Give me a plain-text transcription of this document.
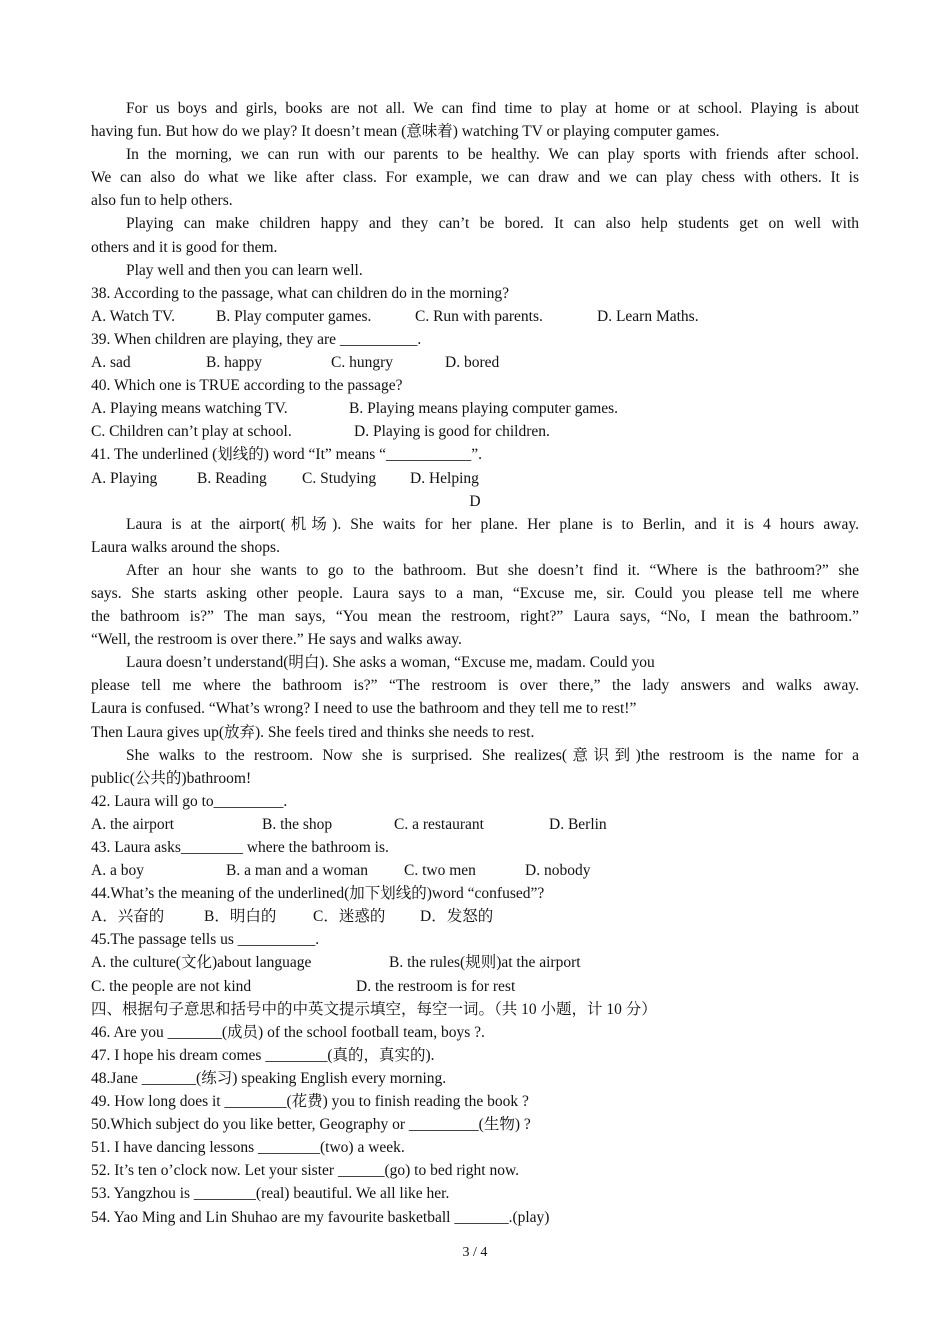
For us boys and girls, books are not all. We can find time to play at home or at school. Playing is about
having fun. But how do we play? It doesn’t mean (意味着) watching TV or playing computer games.
In the morning, we can run with our parents to be healthy. We can play sports with friends after school.
We can also do what we like after class. For example, we can draw and we can play chess with others. It is
also fun to help others.
Playing can make children happy and they can’t be bored. It can also help students get on well with
others and it is good for them.
Play well and then you can learn well.
38. According to the passage, what can children do in the morning?
A. Watch TV.	B. Play computer games.	C. Run with parents.	D. Learn Maths.
39. When children are playing, they are __________.
A. sad	B. happy	C. hungry	D. bored
40. Which one is TRUE according to the passage?
A. Playing means watching TV.	B. Playing means playing computer games.
C. Children can’t play at school.	D. Playing is good for children.
41. The underlined (划线的) word “It” means “___________”.
A. Playing	B. Reading	C. Studying	D. Helping
D
Laura is at the airport(机场). She waits for her plane. Her plane is to Berlin, and it is 4 hours away.
Laura walks around the shops.
After an hour she wants to go to the bathroom. But she doesn’t find it. “Where is the bathroom?” she
says. She starts asking other people. Laura says to a man, “Excuse me, sir. Could you please tell me where
the bathroom is?” The man says, “You mean the restroom, right?” Laura says, “No, I mean the bathroom.”
“Well, the restroom is over there.” He says and walks away.
Laura doesn’t understand(明白). She asks a woman, “Excuse me, madam. Could you
please tell me where the bathroom is?” “The restroom is over there,” the lady answers and walks away.
Laura is confused. “What’s wrong? I need to use the bathroom and they tell me to rest!”
Then Laura gives up(放弃). She feels tired and thinks she needs to rest.
She walks to the restroom. Now she is surprised. She realizes(意识到)the restroom is the name for a
public(公共的)bathroom!
42. Laura will go to_________.
A. the airport	B. the shop	C. a restaurant	D. Berlin
43. Laura asks________ where the bathroom is.
A. a boy	B. a man and a woman	C. two men	D. nobody
44.What’s the meaning of the underlined(加下划线的)word “confused”?
A．兴奋的	B．明白的	C．迷惑的	D．发怒的
45.The passage tells us __________.
A. the culture(文化)about language	B. the rules(规则)at the airport
C. the people are not kind	D. the restroom is for rest
四、根据句子意思和括号中的中英文提示填空，每空一词。（共 10 小题，计 10 分）
46. Are you _______(成员) of the school football team, boys ?.
47. I hope his dream comes ________(真的，真实的).
48.Jane _______(练习) speaking English every morning.
49. How long does it ________(花费) you to finish reading the book ?
50.Which subject do you like better, Geography or _________(生物) ?
51. I have dancing lessons ________(two) a week.
52. It’s ten o’clock now. Let your sister ______(go) to bed right now.
53. Yangzhou is ________(real) beautiful. We all like her.
54. Yao Ming and Lin Shuhao are my favourite basketball _______.(play)
3 / 4
